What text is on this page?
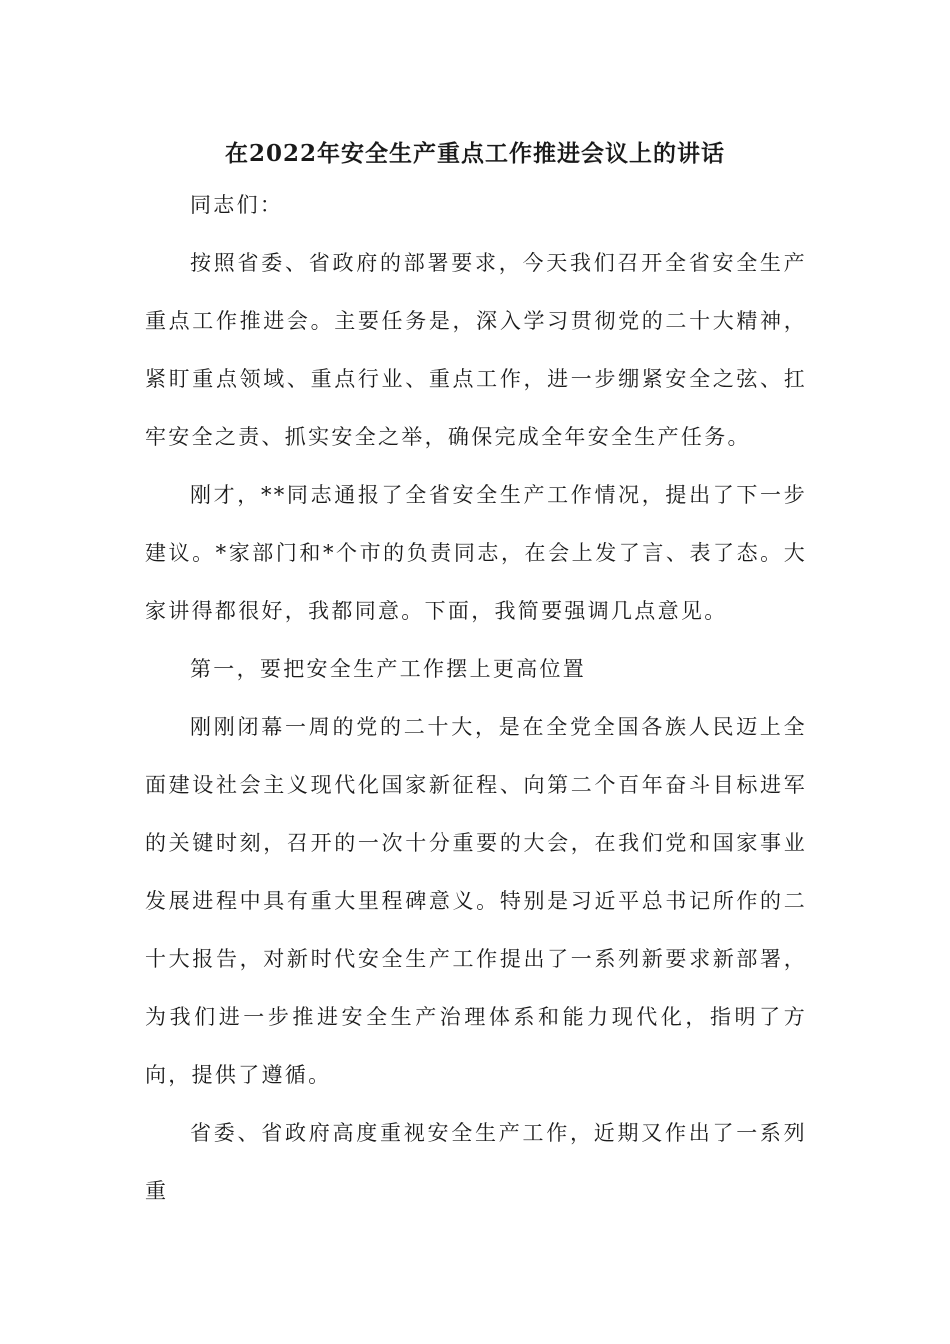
在2022年安全生产重点工作推进会议上的讲话

同志们：

按照省委、省政府的部署要求，今天我们召开全省安全生产重点工作推进会。主要任务是，深入学习贯彻党的二十大精神，紧盯重点领域、重点行业、重点工作，进一步绷紧安全之弦、扛牢安全之责、抓实安全之举，确保完成全年安全生产任务。

刚才，**同志通报了全省安全生产工作情况，提出了下一步建议。*家部门和*个市的负责同志，在会上发了言、表了态。大家讲得都很好，我都同意。下面，我简要强调几点意见。

第一，要把安全生产工作摆上更高位置

刚刚闭幕一周的党的二十大，是在全党全国各族人民迈上全面建设社会主义现代化国家新征程、向第二个百年奋斗目标进军的关键时刻，召开的一次十分重要的大会，在我们党和国家事业发展进程中具有重大里程碑意义。特别是习近平总书记所作的二十大报告，对新时代安全生产工作提出了一系列新要求新部署，为我们进一步推进安全生产治理体系和能力现代化，指明了方向，提供了遵循。

省委、省政府高度重视安全生产工作，近期又作出了一系列重
